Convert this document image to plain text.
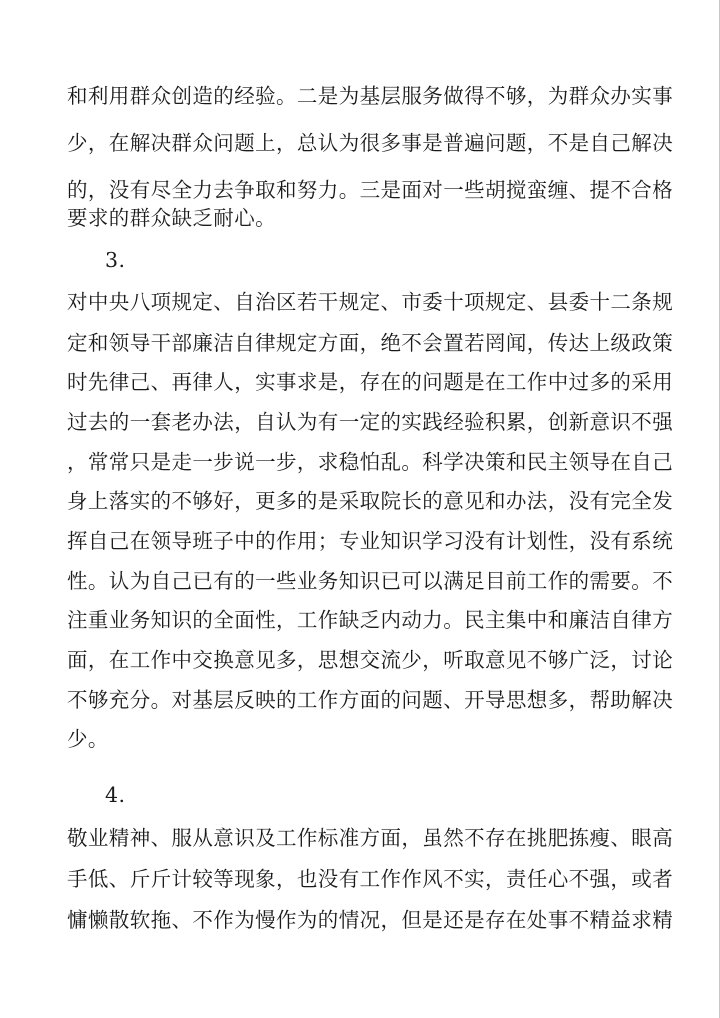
和利用群众创造的经验。二是为基层服务做得不够，为群众办实事
少，在解决群众问题上，总认为很多事是普遍问题，不是自己解决
的，没有尽全力去争取和努力。三是面对一些胡搅蛮缠、提不合格
要求的群众缺乏耐心。
3.
对中央八项规定、自治区若干规定、市委十项规定、县委十二条规
定和领导干部廉洁自律规定方面，绝不会置若罔闻，传达上级政策
时先律己、再律人，实事求是，存在的问题是在工作中过多的采用
过去的一套老办法，自认为有一定的实践经验积累，创新意识不强
，常常只是走一步说一步，求稳怕乱。科学决策和民主领导在自己
身上落实的不够好，更多的是采取院长的意见和办法，没有完全发
挥自己在领导班子中的作用；专业知识学习没有计划性，没有系统
性。认为自己已有的一些业务知识已可以满足目前工作的需要。不
注重业务知识的全面性，工作缺乏内动力。民主集中和廉洁自律方
面，在工作中交换意见多，思想交流少，听取意见不够广泛，讨论
不够充分。对基层反映的工作方面的问题、开导思想多，帮助解决
少。
4.
敬业精神、服从意识及工作标准方面，虽然不存在挑肥拣瘦、眼高
手低、斤斤计较等现象，也没有工作作风不实，责任心不强，或者
慵懒散软拖、不作为慢作为的情况，但是还是存在处事不精益求精
